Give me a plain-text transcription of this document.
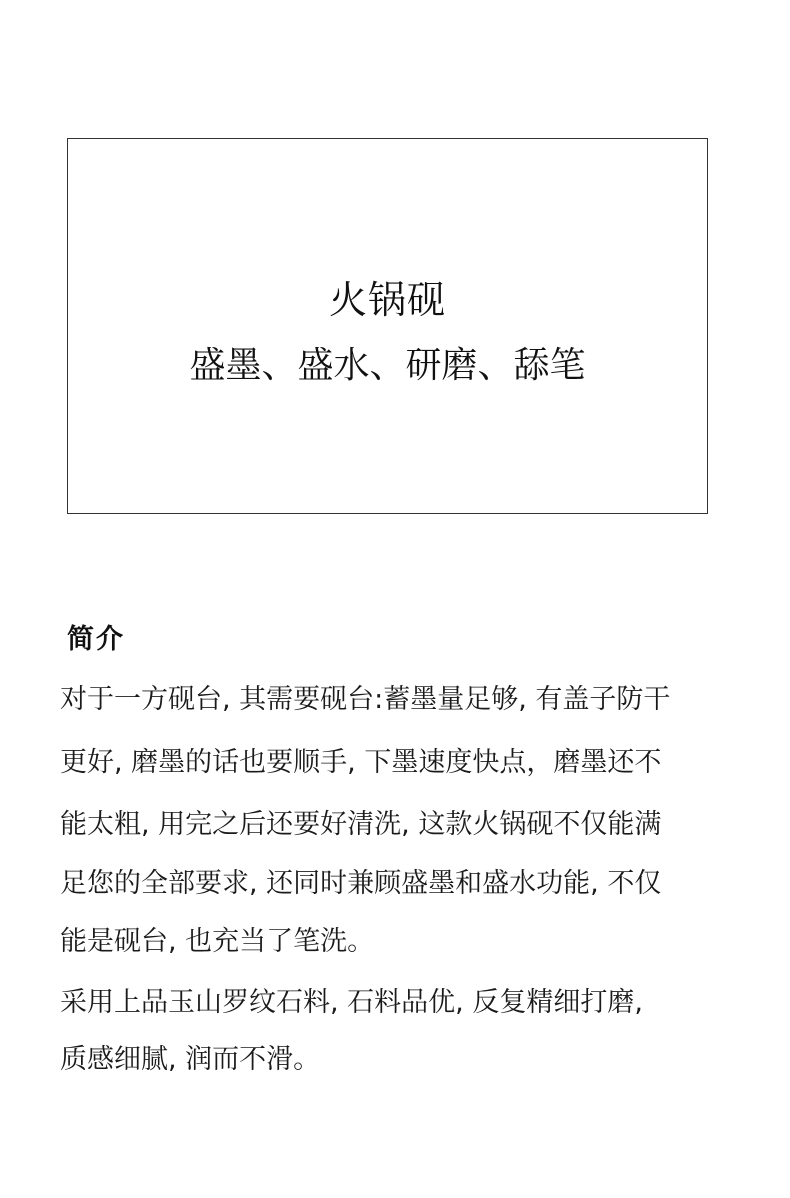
火锅砚
盛墨、盛水、研磨、舔笔
简介
对于一方砚台, 其需要砚台:蓄墨量足够, 有盖子防干
更好, 磨墨的话也要顺手, 下墨速度快点，磨墨还不
能太粗, 用完之后还要好清洗, 这款火锅砚不仅能满
足您的全部要求, 还同时兼顾盛墨和盛水功能, 不仅
能是砚台, 也充当了笔洗。
采用上品玉山罗纹石料, 石料品优, 反复精细打磨,
质感细腻, 润而不滑。
